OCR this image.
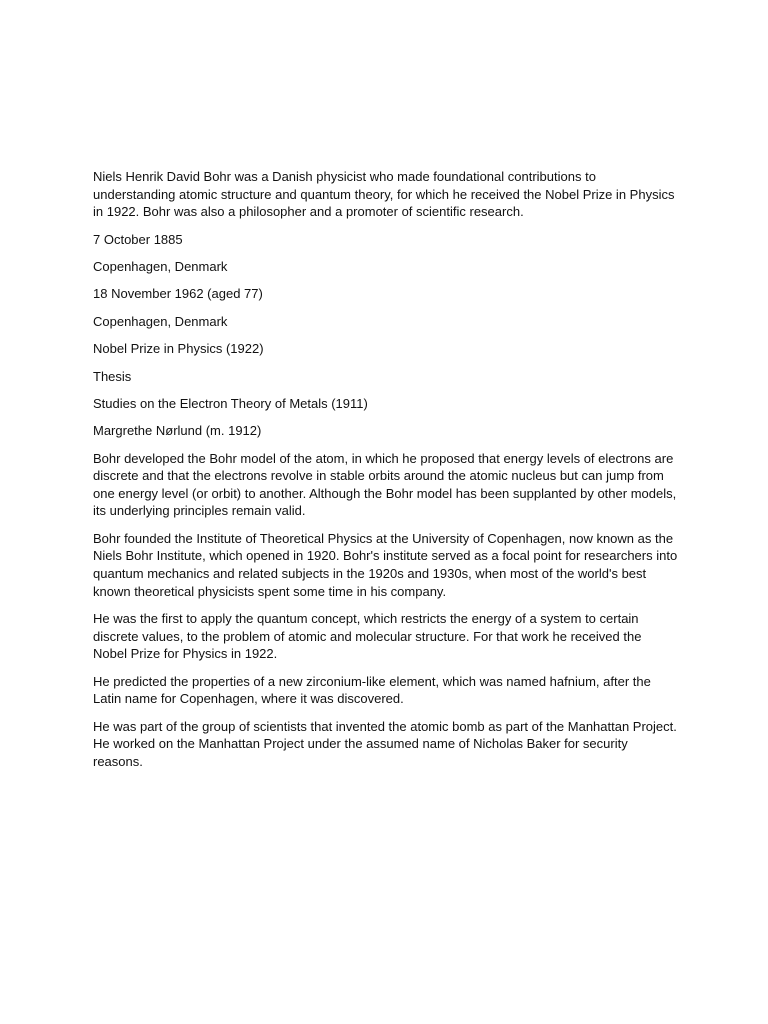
Niels Henrik David Bohr was a Danish physicist who made foundational contributions to understanding atomic structure and quantum theory, for which he received the Nobel Prize in Physics in 1922. Bohr was also a philosopher and a promoter of scientific research.

7 October 1885

Copenhagen, Denmark

18 November 1962 (aged 77)

Copenhagen, Denmark

Nobel Prize in Physics (1922)

Thesis

Studies on the Electron Theory of Metals (1911)

Margrethe Nørlund (m. 1912)

Bohr developed the Bohr model of the atom, in which he proposed that energy levels of electrons are discrete and that the electrons revolve in stable orbits around the atomic nucleus but can jump from one energy level (or orbit) to another. Although the Bohr model has been supplanted by other models, its underlying principles remain valid.

Bohr founded the Institute of Theoretical Physics at the University of Copenhagen, now known as the Niels Bohr Institute, which opened in 1920. Bohr's institute served as a focal point for researchers into quantum mechanics and related subjects in the 1920s and 1930s, when most of the world's best known theoretical physicists spent some time in his company.

He was the first to apply the quantum concept, which restricts the energy of a system to certain discrete values, to the problem of atomic and molecular structure. For that work he received the Nobel Prize for Physics in 1922.

He predicted the properties of a new zirconium-like element, which was named hafnium, after the Latin name for Copenhagen, where it was discovered.

He was part of the group of scientists that invented the atomic bomb as part of the Manhattan Project. He worked on the Manhattan Project under the assumed name of Nicholas Baker for security reasons.
